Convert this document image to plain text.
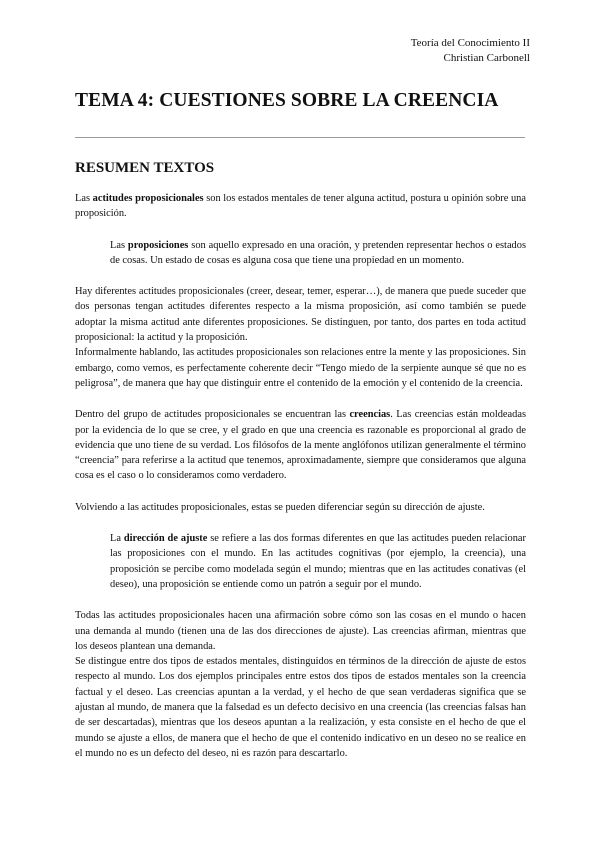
Teoría del Conocimiento II
Christian Carbonell
TEMA 4: CUESTIONES SOBRE LA CREENCIA
RESUMEN TEXTOS

Las actitudes proposicionales son los estados mentales de tener alguna actitud, postura u opinión sobre una proposición.

Las proposiciones son aquello expresado en una oración, y pretenden representar hechos o estados de cosas. Un estado de cosas es alguna cosa que tiene una propiedad en un momento.

Hay diferentes actitudes proposicionales (creer, desear, temer, esperar…), de manera que puede suceder que dos personas tengan actitudes diferentes respecto a la misma proposición, así como también se puede adoptar la misma actitud ante diferentes proposiciones. Se distinguen, por tanto, dos partes en toda actitud proposicional: la actitud y la proposición.

Informalmente hablando, las actitudes proposicionales son relaciones entre la mente y las proposiciones. Sin embargo, como vemos, es perfectamente coherente decir “Tengo miedo de la serpiente aunque sé que no es peligrosa”, de manera que hay que distinguir entre el contenido de la emoción y el contenido de la creencia.

Dentro del grupo de actitudes proposicionales se encuentran las creencias. Las creencias están moldeadas por la evidencia de lo que se cree, y el grado en que una creencia es razonable es proporcional al grado de evidencia que uno tiene de su verdad. Los filósofos de la mente anglófonos utilizan generalmente el término “creencia” para referirse a la actitud que tenemos, aproximadamente, siempre que consideramos que alguna cosa es el caso o lo consideramos como verdadero.

Volviendo a las actitudes proposicionales, estas se pueden diferenciar según su dirección de ajuste.

La dirección de ajuste se refiere a las dos formas diferentes en que las actitudes pueden relacionar las proposiciones con el mundo. En las actitudes cognitivas (por ejemplo, la creencia), una proposición se percibe como modelada según el mundo; mientras que en las actitudes conativas (el deseo), una proposición se entiende como un patrón a seguir por el mundo.

Todas las actitudes proposicionales hacen una afirmación sobre cómo son las cosas en el mundo o hacen una demanda al mundo (tienen una de las dos direcciones de ajuste). Las creencias afirman, mientras que los deseos plantean una demanda.

Se distingue entre dos tipos de estados mentales, distinguidos en términos de la dirección de ajuste de estos respecto al mundo. Los dos ejemplos principales entre estos dos tipos de estados mentales son la creencia factual y el deseo. Las creencias apuntan a la verdad, y el hecho de que sean verdaderas significa que se ajustan al mundo, de manera que la falsedad es un defecto decisivo en una creencia (las creencias falsas han de ser descartadas), mientras que los deseos apuntan a la realización, y esta consiste en el hecho de que el mundo se ajuste a ellos, de manera que el hecho de que el contenido indicativo en un deseo no se realice en el mundo no es un defecto del deseo, ni es razón para descartarlo.
